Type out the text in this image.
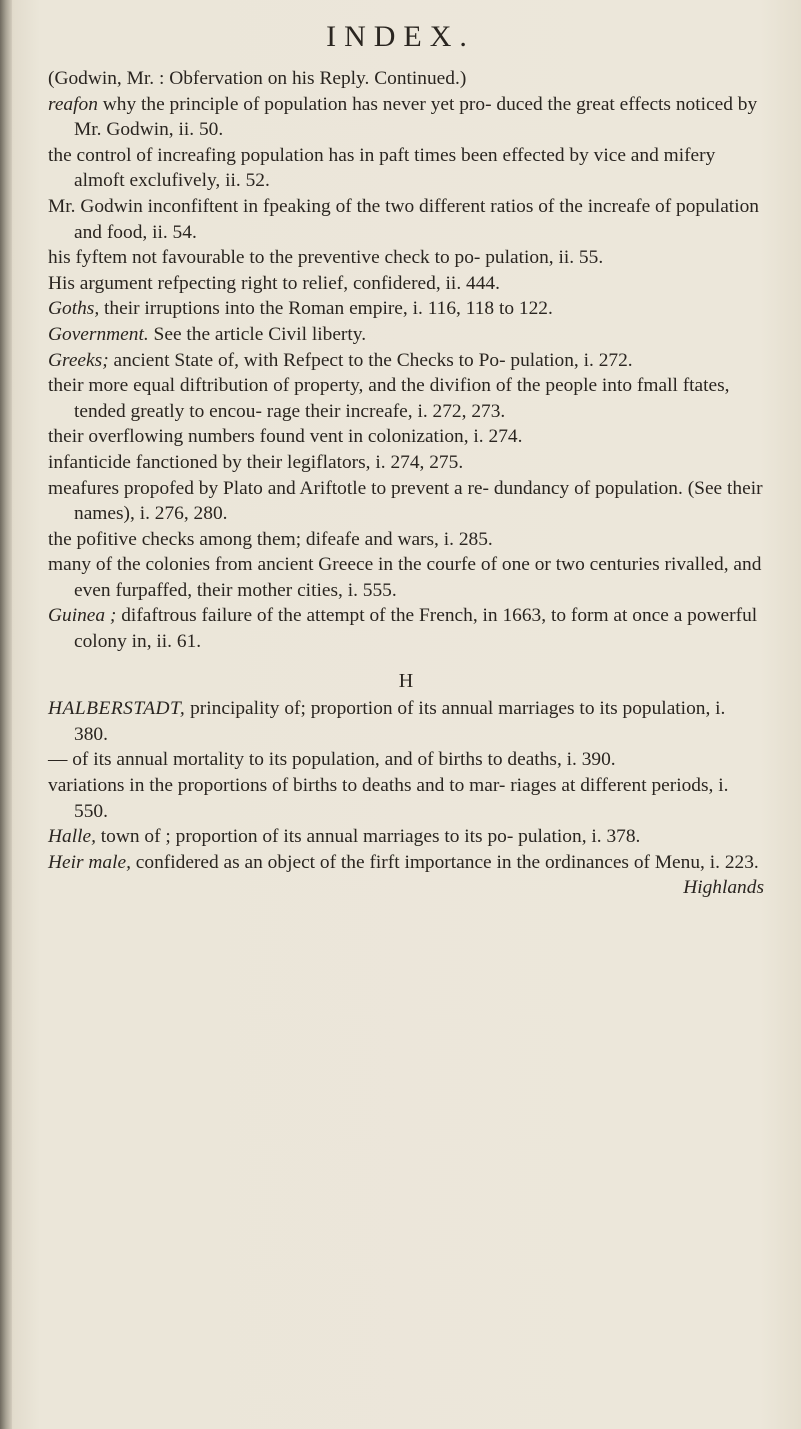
INDEX.

(Godwin, Mr. : Obfervation on his Reply. Continued.)

reafon why the principle of population has never yet pro- duced the great effects noticed by Mr. Godwin, ii. 50.

the control of increafing population has in paft times been effected by vice and mifery almoft exclufively, ii. 52.

Mr. Godwin inconfiftent in fpeaking of the two different ratios of the increafe of population and food, ii. 54.

his fyftem not favourable to the preventive check to po- pulation, ii. 55.

His argument refpecting right to relief, confidered, ii. 444.

Goths, their irruptions into the Roman empire, i. 116, 118 to 122.

Government. See the article Civil liberty.

Greeks; ancient State of, with Refpect to the Checks to Po- pulation, i. 272.

their more equal diftribution of property, and the divifion of the people into fmall ftates, tended greatly to encou- rage their increafe, i. 272, 273.

their overflowing numbers found vent in colonization, i. 274.

infanticide fanctioned by their legiflators, i. 274, 275.

meafures propofed by Plato and Ariftotle to prevent a re- dundancy of population. (See their names), i. 276, 280.

the pofitive checks among them; difeafe and wars, i. 285.

many of the colonies from ancient Greece in the courfe of one or two centuries rivalled, and even furpaffed, their mother cities, i. 555.

Guinea ; difaftrous failure of the attempt of the French, in 1663, to form at once a powerful colony in, ii. 61.

H

HALBERSTADT, principality of; proportion of its annual marriages to its population, i. 380.

— of its annual mortality to its population, and of births to deaths, i. 390.

variations in the proportions of births to deaths and to mar- riages at different periods, i. 550.

Halle, town of ; proportion of its annual marriages to its po- pulation, i. 378.

Heir male, confidered as an object of the firft importance in the ordinances of Menu, i. 223.

Highlands
